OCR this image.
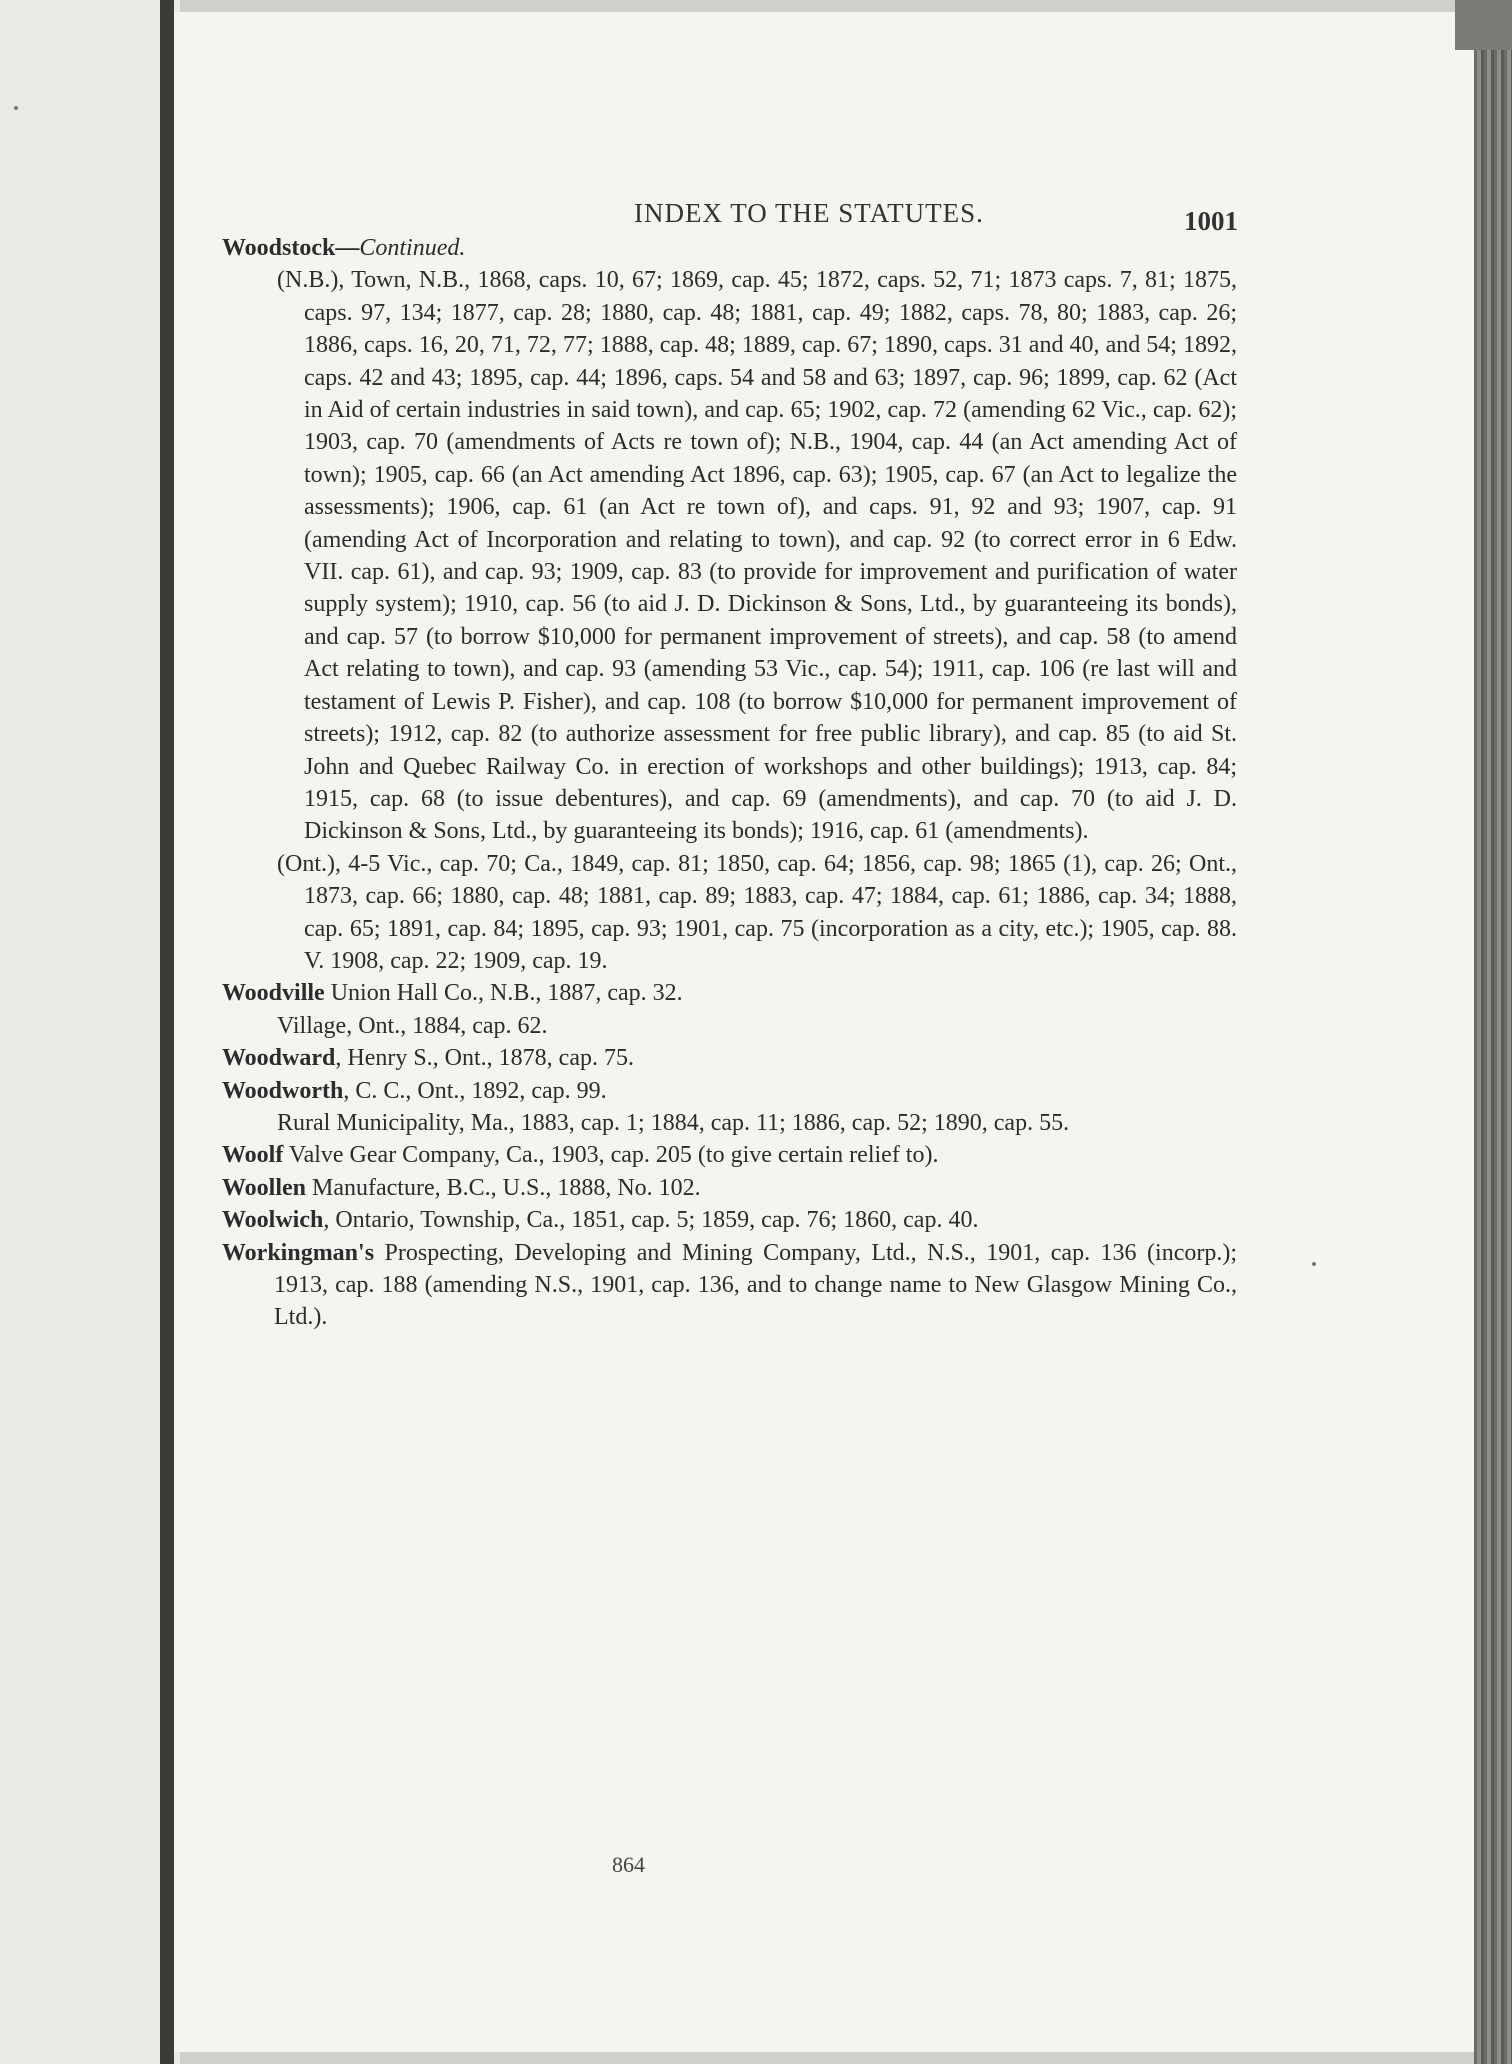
INDEX TO THE STATUTES.	1001

Woodstock—Continued.

(N.B.), Town, N.B., 1868, caps. 10, 67; 1869, cap. 45; 1872, caps. 52, 71; 1873 caps. 7, 81; 1875, caps. 97, 134; 1877, cap. 28; 1880, cap. 48; 1881, cap. 49; 1882, caps. 78, 80; 1883, cap. 26; 1886, caps. 16, 20, 71, 72, 77; 1888, cap. 48; 1889, cap. 67; 1890, caps. 31 and 40, and 54; 1892, caps. 42 and 43; 1895, cap. 44; 1896, caps. 54 and 58 and 63; 1897, cap. 96; 1899, cap. 62 (Act in Aid of certain industries in said town), and cap. 65; 1902, cap. 72 (amending 62 Vic., cap. 62); 1903, cap. 70 (amendments of Acts re town of); N.B., 1904, cap. 44 (an Act amending Act of town); 1905, cap. 66 (an Act amending Act 1896, cap. 63); 1905, cap. 67 (an Act to legalize the assessments); 1906, cap. 61 (an Act re town of), and caps. 91, 92 and 93; 1907, cap. 91 (amending Act of Incorporation and relating to town), and cap. 92 (to correct error in 6 Edw. VII. cap. 61), and cap. 93; 1909, cap. 83 (to provide for improvement and purification of water supply system); 1910, cap. 56 (to aid J. D. Dickinson & Sons, Ltd., by guaranteeing its bonds), and cap. 57 (to borrow $10,000 for permanent improvement of streets), and cap. 58 (to amend Act relating to town), and cap. 93 (amending 53 Vic., cap. 54); 1911, cap. 106 (re last will and testament of Lewis P. Fisher), and cap. 108 (to borrow $10,000 for permanent improvement of streets); 1912, cap. 82 (to authorize assessment for free public library), and cap. 85 (to aid St. John and Quebec Railway Co. in erection of workshops and other buildings); 1913, cap. 84; 1915, cap. 68 (to issue debentures), and cap. 69 (amendments), and cap. 70 (to aid J. D. Dickinson & Sons, Ltd., by guaranteeing its bonds); 1916, cap. 61 (amendments).

(Ont.), 4-5 Vic., cap. 70; Ca., 1849, cap. 81; 1850, cap. 64; 1856, cap. 98; 1865 (1), cap. 26; Ont., 1873, cap. 66; 1880, cap. 48; 1881, cap. 89; 1883, cap. 47; 1884, cap. 61; 1886, cap. 34; 1888, cap. 65; 1891, cap. 84; 1895, cap. 93; 1901, cap. 75 (incorporation as a city, etc.); 1905, cap. 88. V. 1908, cap. 22; 1909, cap. 19.

Woodville Union Hall Co., N.B., 1887, cap. 32.

Village, Ont., 1884, cap. 62.

Woodward, Henry S., Ont., 1878, cap. 75.

Woodworth, C. C., Ont., 1892, cap. 99.

Rural Municipality, Ma., 1883, cap. 1; 1884, cap. 11; 1886, cap. 52; 1890, cap. 55.

Woolf Valve Gear Company, Ca., 1903, cap. 205 (to give certain relief to).

Woollen Manufacture, B.C., U.S., 1888, No. 102.

Woolwich, Ontario, Township, Ca., 1851, cap. 5; 1859, cap. 76; 1860, cap. 40.

Workingman's Prospecting, Developing and Mining Company, Ltd., N.S., 1901, cap. 136 (incorp.); 1913, cap. 188 (amending N.S., 1901, cap. 136, and to change name to New Glasgow Mining Co., Ltd.).

864
